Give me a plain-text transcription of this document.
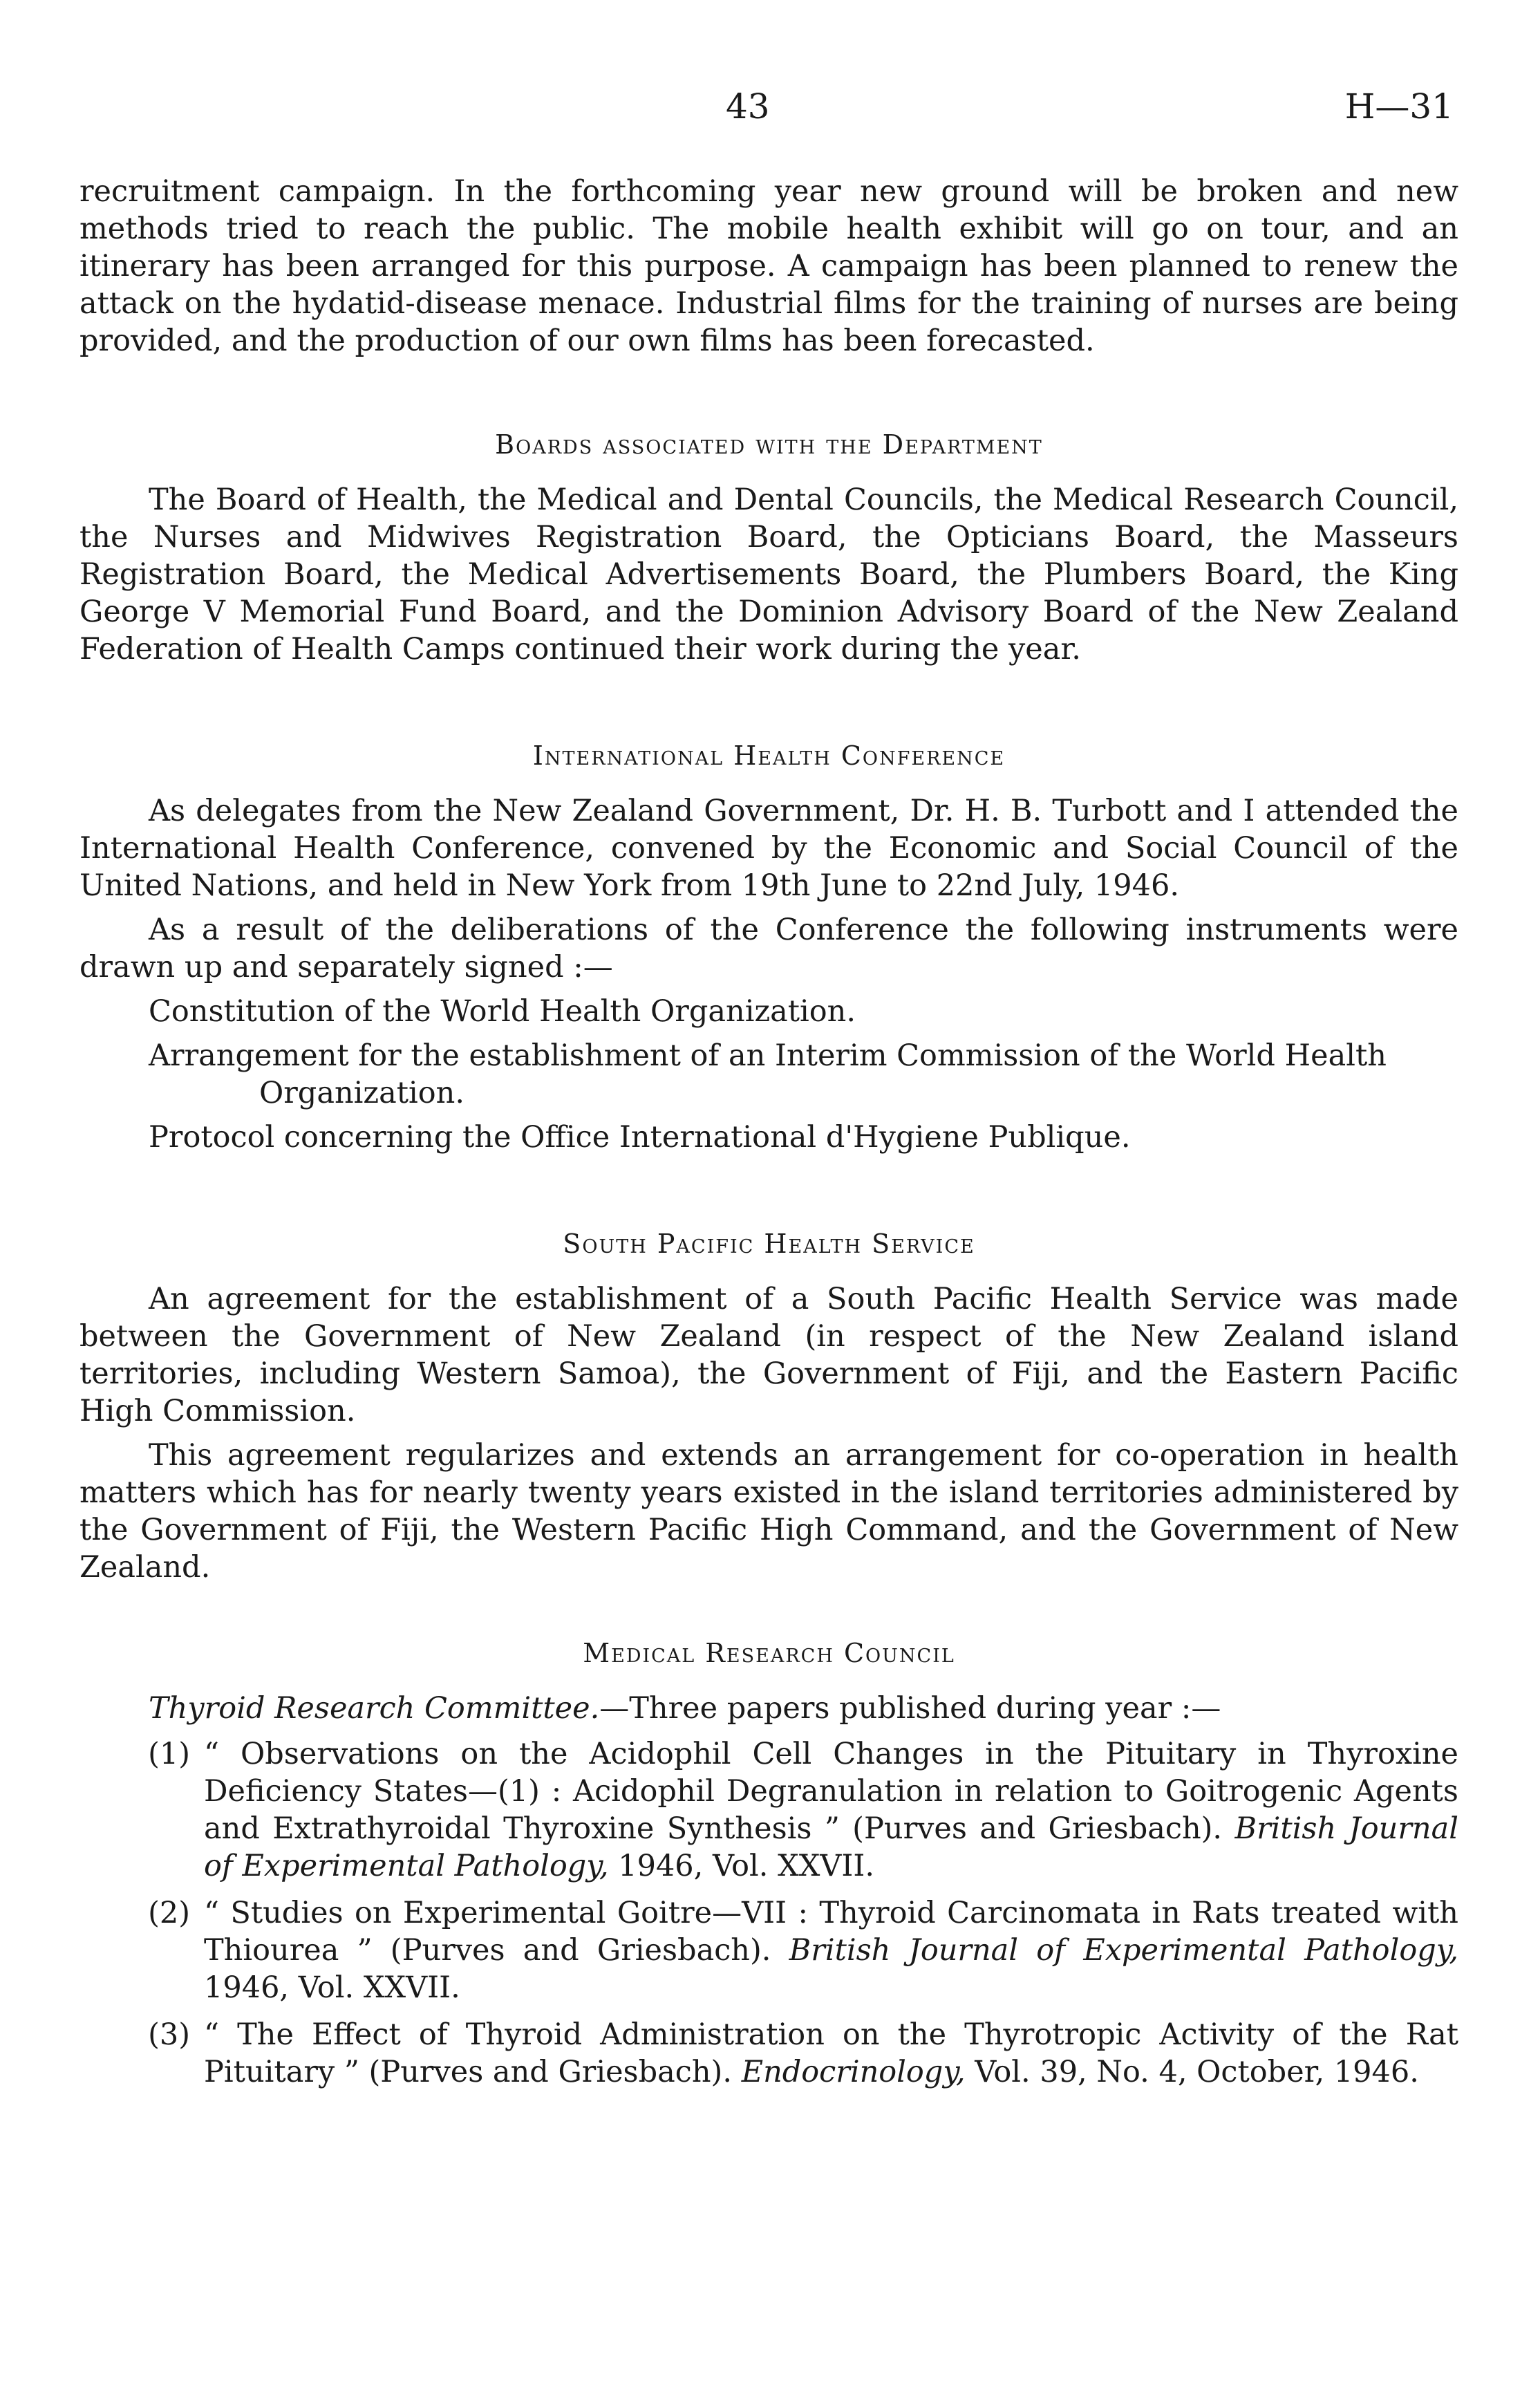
43	H—31

recruitment campaign. In the forthcoming year new ground will be broken and new methods tried to reach the public. The mobile health exhibit will go on tour, and an itinerary has been arranged for this purpose. A campaign has been planned to renew the attack on the hydatid-disease menace. Industrial films for the training of nurses are being provided, and the production of our own films has been forecasted.

Boards associated with the Department

The Board of Health, the Medical and Dental Councils, the Medical Research Council, the Nurses and Midwives Registration Board, the Opticians Board, the Masseurs Registration Board, the Medical Advertisements Board, the Plumbers Board, the King George V Memorial Fund Board, and the Dominion Advisory Board of the New Zealand Federation of Health Camps continued their work during the year.

International Health Conference

As delegates from the New Zealand Government, Dr. H. B. Turbott and I attended the International Health Conference, convened by the Economic and Social Council of the United Nations, and held in New York from 19th June to 22nd July, 1946.

As a result of the deliberations of the Conference the following instruments were drawn up and separately signed :—

Constitution of the World Health Organization.
Arrangement for the establishment of an Interim Commission of the World Health Organization.
Protocol concerning the Office International d'Hygiene Publique.
South Pacific Health Service

An agreement for the establishment of a South Pacific Health Service was made between the Government of New Zealand (in respect of the New Zealand island territories, including Western Samoa), the Government of Fiji, and the Eastern Pacific High Commission.

This agreement regularizes and extends an arrangement for co-operation in health matters which has for nearly twenty years existed in the island territories administered by the Government of Fiji, the Western Pacific High Command, and the Government of New Zealand.

Medical Research Council

Thyroid Research Committee.—Three papers published during year :—

(1) “ Observations on the Acidophil Cell Changes in the Pituitary in Thyroxine Deficiency States—(1) : Acidophil Degranulation in relation to Goitrogenic Agents and Extrathyroidal Thyroxine Synthesis ” (Purves and Griesbach). British Journal of Experimental Pathology, 1946, Vol. XXVII.
(2) “ Studies on Experimental Goitre—VII : Thyroid Carcinomata in Rats treated with Thiourea ” (Purves and Griesbach). British Journal of Experimental Pathology, 1946, Vol. XXVII.
(3) “ The Effect of Thyroid Administration on the Thyrotropic Activity of the Rat Pituitary ” (Purves and Griesbach). Endocrinology, Vol. 39, No. 4, October, 1946.
